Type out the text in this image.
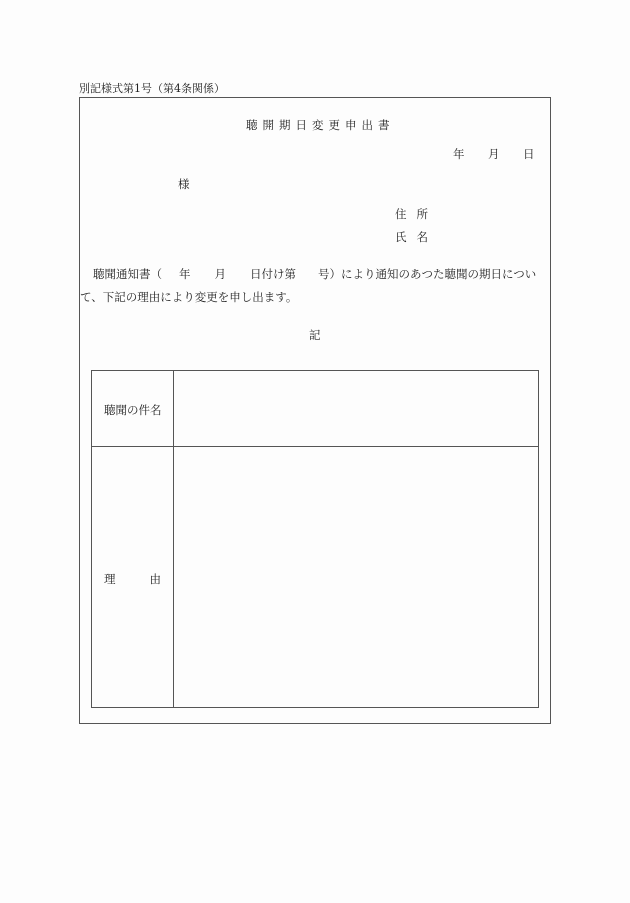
別記様式第1号（第4条関係）
聴開期日変更申出書
年 月 日
様
住所
氏名
聴聞通知書（ 年 月 日付け第 号）により通知のあつた聴聞の期日につい
て、下記の理由により変更を申し出ます。
記
聴聞の件名
理	由
